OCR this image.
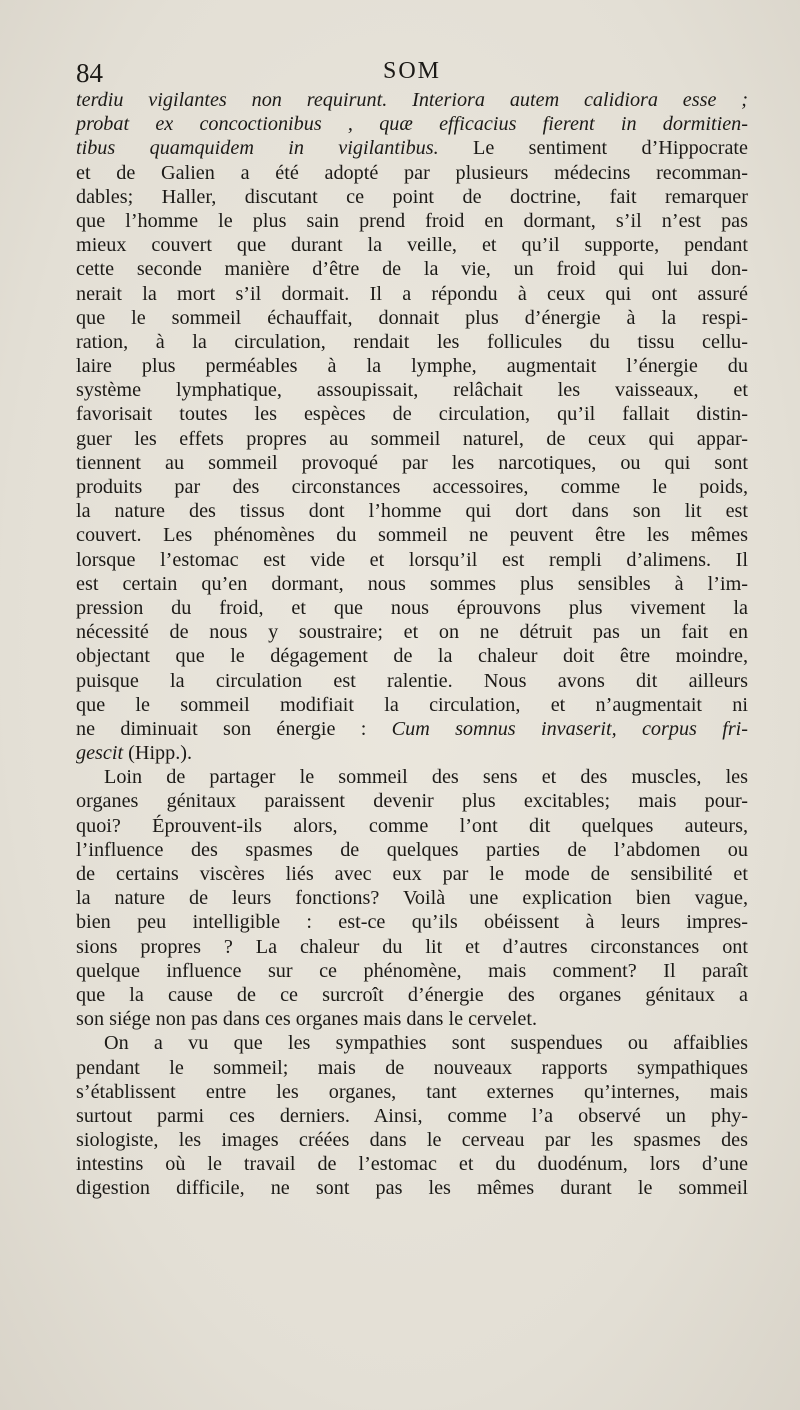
84	SOM
terdiu vigilantes non requirunt. Interiora autem calidiora esse ;
probat ex concoctionibus , quæ efficacius fierent in dormitien-
tibus quamquidem in vigilantibus. Le sentiment d’Hippocrate
et de Galien a été adopté par plusieurs médecins recomman-
dables; Haller, discutant ce point de doctrine, fait remarquer
que l’homme le plus sain prend froid en dormant, s’il n’est pas
mieux couvert que durant la veille, et qu’il supporte, pendant
cette seconde manière d’être de la vie, un froid qui lui don-
nerait la mort s’il dormait. Il a répondu à ceux qui ont assuré
que le sommeil échauffait, donnait plus d’énergie à la respi-
ration, à la circulation, rendait les follicules du tissu cellu-
laire plus perméables à la lymphe, augmentait l’énergie du
système lymphatique, assoupissait, relâchait les vaisseaux, et
favorisait toutes les espèces de circulation, qu’il fallait distin-
guer les effets propres au sommeil naturel, de ceux qui appar-
tiennent au sommeil provoqué par les narcotiques, ou qui sont
produits par des circonstances accessoires, comme le poids,
la nature des tissus dont l’homme qui dort dans son lit est
couvert. Les phénomènes du sommeil ne peuvent être les mêmes
lorsque l’estomac est vide et lorsqu’il est rempli d’alimens. Il
est certain qu’en dormant, nous sommes plus sensibles à l’im-
pression du froid, et que nous éprouvons plus vivement la
nécessité de nous y soustraire; et on ne détruit pas un fait en
objectant que le dégagement de la chaleur doit être moindre,
puisque la circulation est ralentie. Nous avons dit ailleurs
que le sommeil modifiait la circulation, et n’augmentait ni
ne diminuait son énergie : Cum somnus invaserit, corpus fri-
gescit (Hipp.).
Loin de partager le sommeil des sens et des muscles, les
organes génitaux paraissent devenir plus excitables; mais pour-
quoi? Éprouvent-ils alors, comme l’ont dit quelques auteurs,
l’influence des spasmes de quelques parties de l’abdomen ou
de certains viscères liés avec eux par le mode de sensibilité et
la nature de leurs fonctions? Voilà une explication bien vague,
bien peu intelligible : est-ce qu’ils obéissent à leurs impres-
sions propres ? La chaleur du lit et d’autres circonstances ont
quelque influence sur ce phénomène, mais comment? Il paraît
que la cause de ce surcroît d’énergie des organes génitaux a
son siége non pas dans ces organes mais dans le cervelet.
On a vu que les sympathies sont suspendues ou affaiblies
pendant le sommeil; mais de nouveaux rapports sympathiques
s’établissent entre les organes, tant externes qu’internes, mais
surtout parmi ces derniers. Ainsi, comme l’a observé un phy-
siologiste, les images créées dans le cerveau par les spasmes des
intestins où le travail de l’estomac et du duodénum, lors d’une
digestion difficile, ne sont pas les mêmes durant le sommeil
